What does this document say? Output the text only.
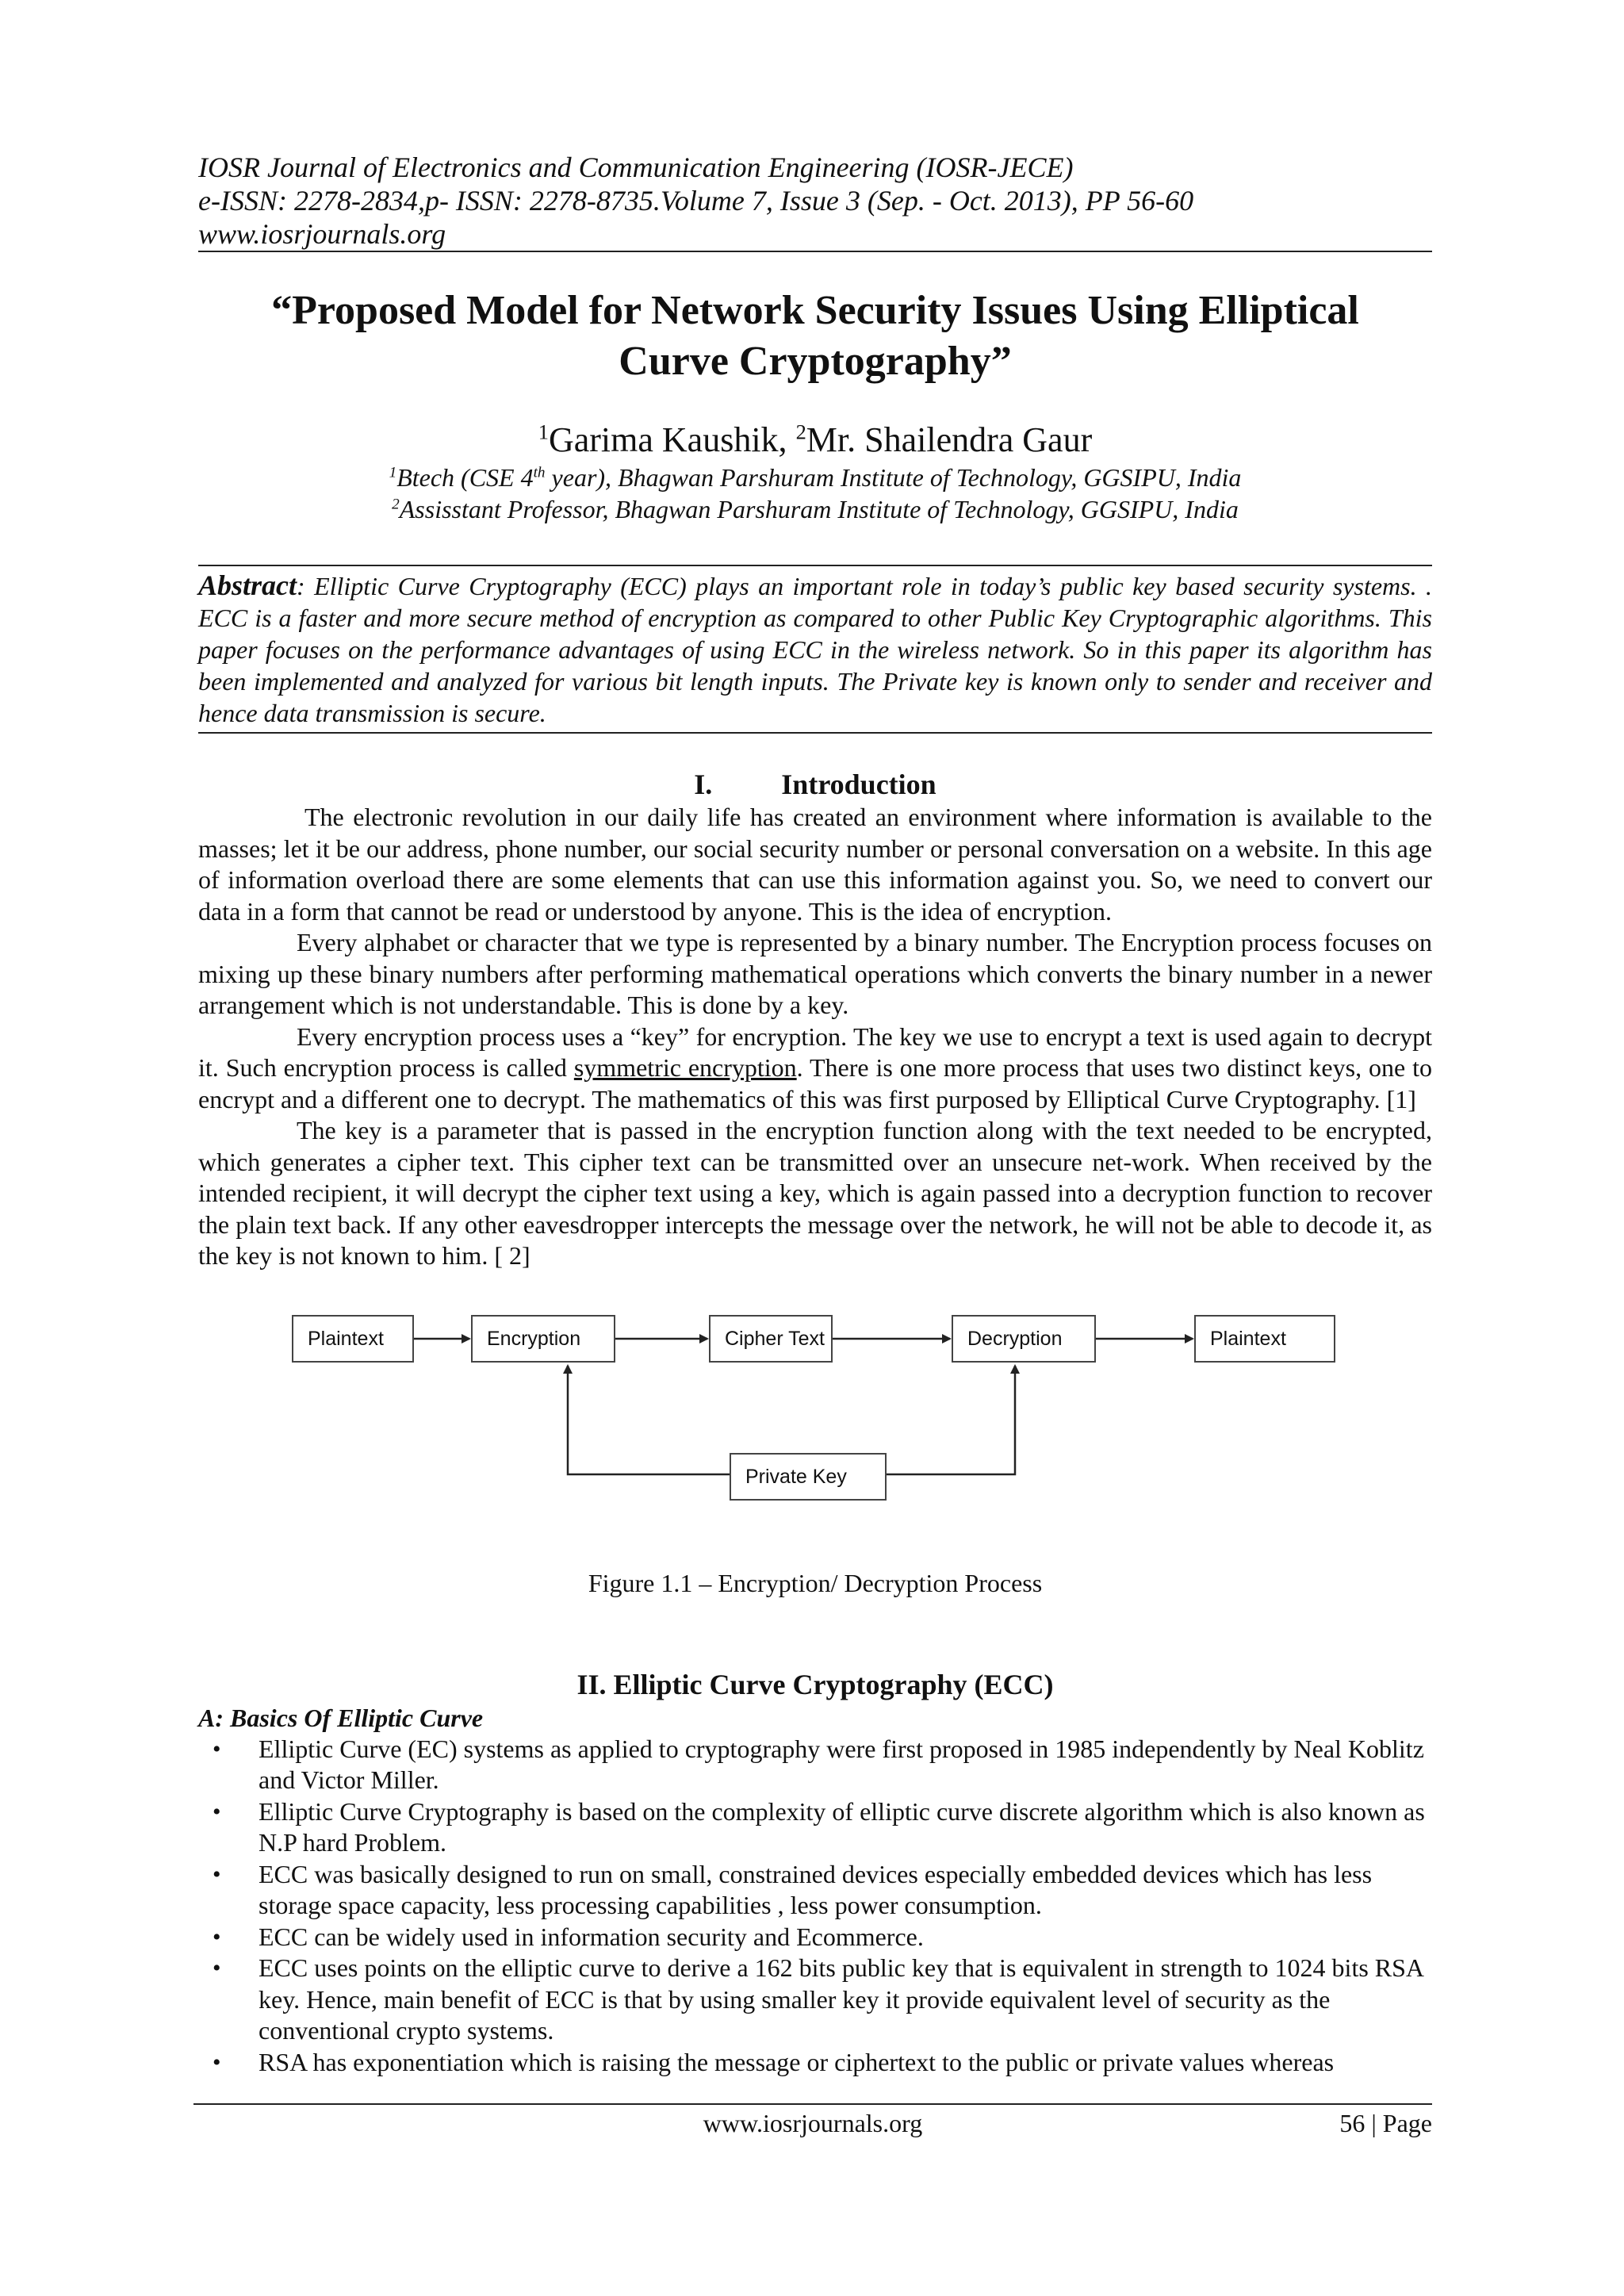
IOSR Journal of Electronics and Communication Engineering (IOSR-JECE)

e-ISSN: 2278-2834,p- ISSN: 2278-8735.Volume 7, Issue 3 (Sep. - Oct. 2013), PP 56-60

www.iosrjournals.org

“Proposed Model for Network Security Issues Using Elliptical
Curve Cryptography”
$^1$Garima Kaushik, $^2$Mr. Shailendra Gaur

$^1$Btech (CSE 4th year), Bhagwan Parshuram Institute of Technology, GGSIPU, India

$^2$Assisstant Professor, Bhagwan Parshuram Institute of Technology, GGSIPU, India

Abstract: Elliptic Curve Cryptography (ECC) plays an important role in today’s public key based security systems. . ECC is a faster and more secure method of encryption as compared to other Public Key Cryptographic algorithms. This paper focuses on the performance advantages of using ECC in the wireless network. So in this paper its algorithm has been implemented and analyzed for various bit length inputs. The Private key is known only to sender and receiver and hence data transmission is secure.

I. Introduction

The electronic revolution in our daily life has created an environment where information is available to the masses; let it be our address, phone number, our social security number or personal conversation on a website. In this age of information overload there are some elements that can use this information against you. So, we need to convert our data in a form that cannot be read or understood by anyone. This is the idea of encryption.

Every alphabet or character that we type is represented by a binary number. The Encryption process focuses on mixing up these binary numbers after performing mathematical operations which converts the binary number in a newer arrangement which is not understandable. This is done by a key.

Every encryption process uses a “key” for encryption. The key we use to encrypt a text is used again to decrypt it. Such encryption process is called symmetric encryption. There is one more process that uses two distinct keys, one to encrypt and a different one to decrypt. The mathematics of this was first purposed by Elliptical Curve Cryptography. [1]

The key is a parameter that is passed in the encryption function along with the text needed to be encrypted, which generates a cipher text. This cipher text can be transmitted over an unsecure net-work. When received by the intended recipient, it will decrypt the cipher text using a key, which is again passed into a decryption function to recover the plain text back. If any other eavesdropper intercepts the message over the network, he will not be able to decode it, as the key is not known to him. [ 2]

Plaintext	Encryption	Cipher Text	Decryption	Plaintext
Private Key
Figure 1.1 – Encryption/ Decryption Process
II. Elliptic Curve Cryptography (ECC)

A: Basics Of Elliptic Curve

• Elliptic Curve (EC) systems as applied to cryptography were first proposed in 1985 independently by Neal Koblitz and Victor Miller.
• Elliptic Curve Cryptography is based on the complexity of elliptic curve discrete algorithm which is also known as N.P hard Problem.
• ECC was basically designed to run on small, constrained devices especially embedded devices which has less storage space capacity, less processing capabilities , less power consumption.
• ECC can be widely used in information security and Ecommerce.
• ECC uses points on the elliptic curve to derive a 162 bits public key that is equivalent in strength to 1024 bits RSA key. Hence, main benefit of ECC is that by using smaller key it provide equivalent level of security as the conventional crypto systems.
• RSA has exponentiation which is raising the message or ciphertext to the public or private values whereas
www.iosrjournals.org	56 | Page
